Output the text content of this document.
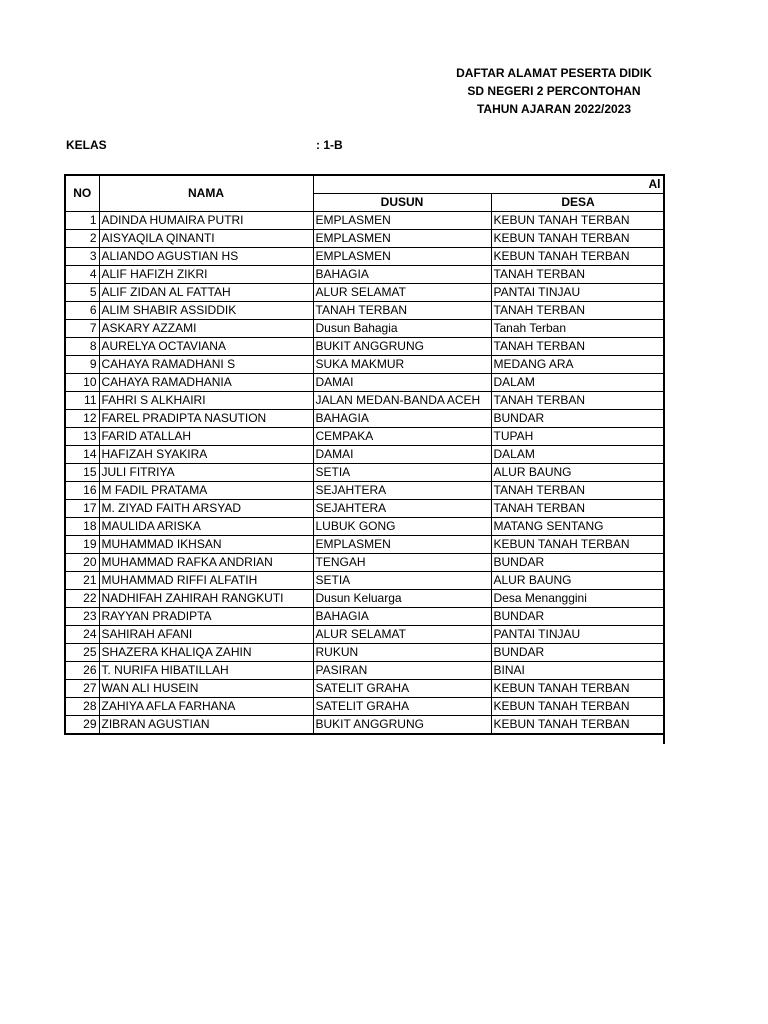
DAFTAR ALAMAT PESERTA DIDIK
SD NEGERI 2 PERCONTOHAN
TAHUN AJARAN 2022/2023
KELAS	: 1-B
NO	NAMA	Al		
		DUSUN	DESA	
1	ADINDA HUMAIRA PUTRI	EMPLASMEN	KEBUN TANAH TERBAN	
2	AISYAQILA QINANTI	EMPLASMEN	KEBUN TANAH TERBAN	
3	ALIANDO AGUSTIAN HS	EMPLASMEN	KEBUN TANAH TERBAN	
4	ALIF HAFIZH ZIKRI	BAHAGIA	TANAH TERBAN	
5	ALIF ZIDAN AL FATTAH	ALUR SELAMAT	PANTAI TINJAU	
6	ALIM SHABIR ASSIDDIK	TANAH TERBAN	TANAH TERBAN	
7	ASKARY AZZAMI	Dusun Bahagia	Tanah Terban	
8	AURELYA OCTAVIANA	BUKIT ANGGRUNG	TANAH TERBAN	
9	CAHAYA RAMADHANI S	SUKA MAKMUR	MEDANG ARA	
10	CAHAYA RAMADHANIA	DAMAI	DALAM	
11	FAHRI S ALKHAIRI	JALAN MEDAN-BANDA ACEH	TANAH TERBAN	
12	FAREL PRADIPTA NASUTION	BAHAGIA	BUNDAR	
13	FARID ATALLAH	CEMPAKA	TUPAH	
14	HAFIZAH SYAKIRA	DAMAI	DALAM	
15	JULI FITRIYA	SETIA	ALUR BAUNG	
16	M FADIL PRATAMA	SEJAHTERA	TANAH TERBAN	
17	M. ZIYAD FAITH ARSYAD	SEJAHTERA	TANAH TERBAN	
18	MAULIDA ARISKA	LUBUK GONG	MATANG SENTANG	
19	MUHAMMAD IKHSAN	EMPLASMEN	KEBUN TANAH TERBAN	
20	MUHAMMAD RAFKA ANDRIAN	TENGAH	BUNDAR	
21	MUHAMMAD RIFFI ALFATIH	SETIA	ALUR BAUNG	
22	NADHIFAH ZAHIRAH RANGKUTI	Dusun Keluarga	Desa Menanggini	
23	RAYYAN PRADIPTA	BAHAGIA	BUNDAR	
24	SAHIRAH AFANI	ALUR SELAMAT	PANTAI TINJAU	
25	SHAZERA KHALIQA ZAHIN	RUKUN	BUNDAR	
26	T. NURIFA HIBATILLAH	PASIRAN	BINAI	
27	WAN ALI HUSEIN	SATELIT GRAHA	KEBUN TANAH TERBAN	
28	ZAHIYA AFLA FARHANA	SATELIT GRAHA	KEBUN TANAH TERBAN	
29	ZIBRAN AGUSTIAN	BUKIT ANGGRUNG	KEBUN TANAH TERBAN	
